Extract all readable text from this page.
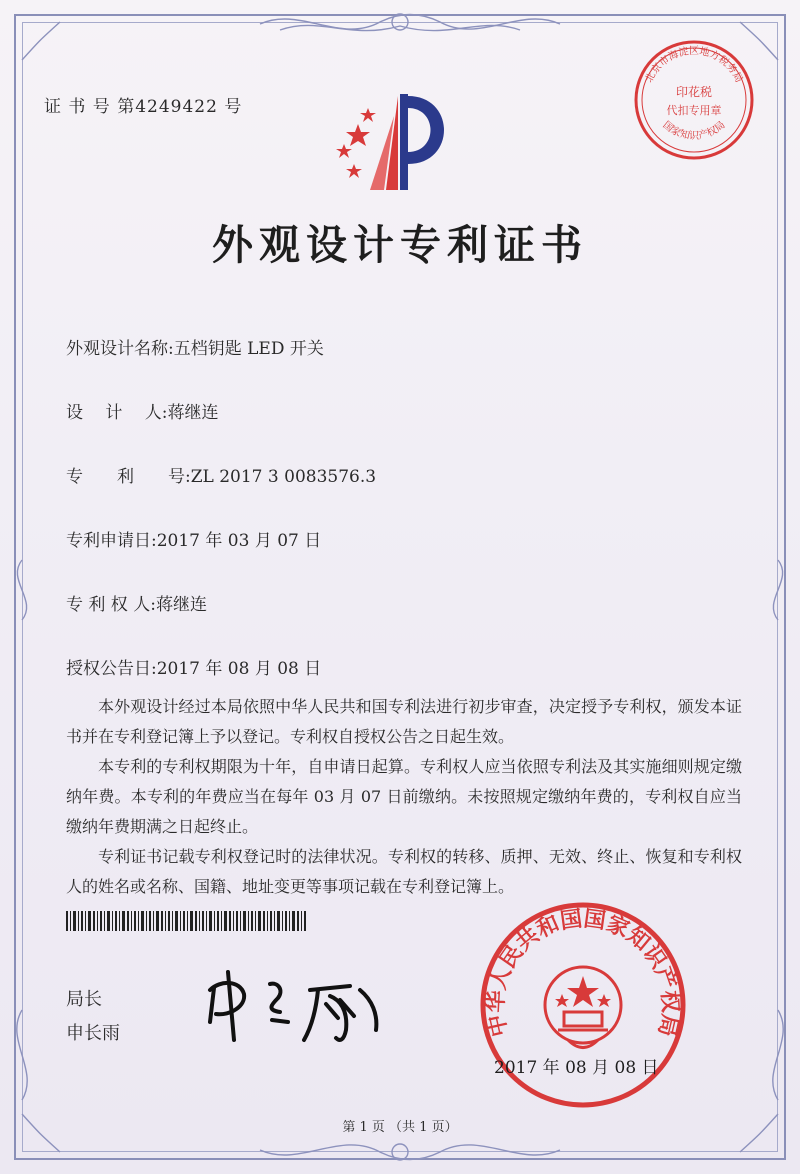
北京市海淀区地方税务局
印花税
代扣专用章
国家知识产权局
证 书 号 第4249422 号
外观设计专利证书
外观设计名称:五档钥匙 LED 开关
设　 计　 人:蒋继连
专　　利　　号:ZL 2017 3 0083576.3
专利申请日:2017 年 03 月 07 日
专 利 权 人:蒋继连
授权公告日:2017 年 08 月 08 日

本外观设计经过本局依照中华人民共和国专利法进行初步审查，决定授予专利权，颁发本证书并在专利登记簿上予以登记。专利权自授权公告之日起生效。

本专利的专利权期限为十年，自申请日起算。专利权人应当依照专利法及其实施细则规定缴纳年费。本专利的年费应当在每年 03 月 07 日前缴纳。未按照规定缴纳年费的，专利权自应当缴纳年费期满之日起终止。

专利证书记载专利权登记时的法律状况。专利权的转移、质押、无效、终止、恢复和专利权人的姓名或名称、国籍、地址变更等事项记载在专利登记簿上。

局长
申长雨	中华人民共和国国家知识产权局
2017 年 08 月 08 日
第 1 页 （共 1 页）
